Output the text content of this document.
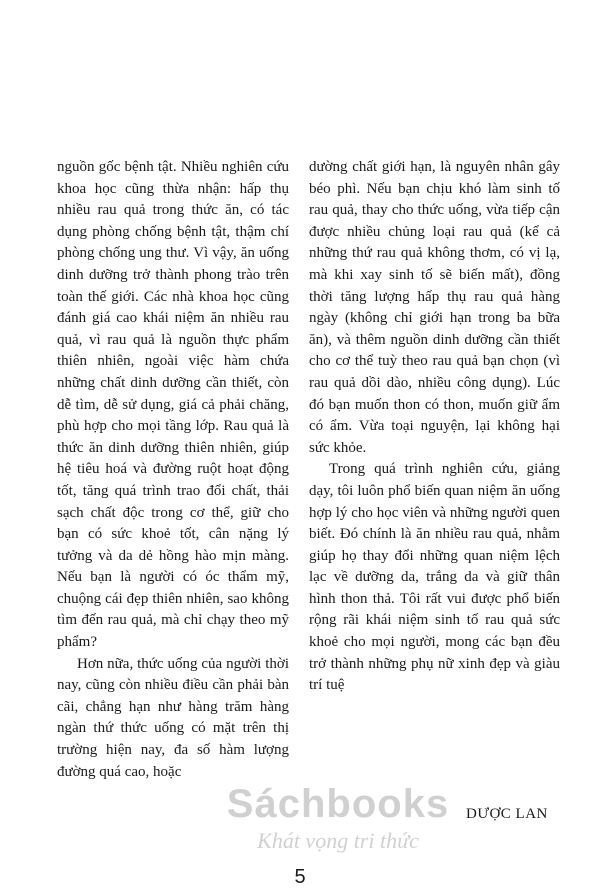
nguồn gốc bệnh tật. Nhiều nghiên cứu khoa học cũng thừa nhận: hấp thụ nhiều rau quả trong thức ăn, có tác dụng phòng chống bệnh tật, thậm chí phòng chống ung thư. Vì vậy, ăn uống dinh dưỡng trở thành phong trào trên toàn thế giới. Các nhà khoa học cũng đánh giá cao khái niệm ăn nhiều rau quả, vì rau quả là nguồn thực phẩm thiên nhiên, ngoài việc hàm chứa những chất dinh dưỡng cần thiết, còn dễ tìm, dễ sử dụng, giá cả phải chăng, phù hợp cho mọi tầng lớp. Rau quả là thức ăn dinh dưỡng thiên nhiên, giúp hệ tiêu hoá và đường ruột hoạt động tốt, tăng quá trình trao đổi chất, thải sạch chất độc trong cơ thể, giữ cho bạn có sức khoẻ tốt, cân nặng lý tưởng và da dẻ hồng hào mịn màng. Nếu bạn là người có óc thẩm mỹ, chuộng cái đẹp thiên nhiên, sao không tìm đến rau quả, mà chỉ chạy theo mỹ phẩm?

Hơn nữa, thức uống của người thời nay, cũng còn nhiều điều cần phải bàn cãi, chẳng hạn như hàng trăm hàng ngàn thứ thức uống có mặt trên thị trường hiện nay, đa số hàm lượng đường quá cao, hoặc

dường chất giới hạn, là nguyên nhân gây béo phì. Nếu bạn chịu khó làm sinh tố rau quả, thay cho thức uống, vừa tiếp cận được nhiều chủng loại rau quả (kể cả những thứ rau quả không thơm, có vị lạ, mà khi xay sinh tố sẽ biến mất), đồng thời tăng lượng hấp thụ rau quả hàng ngày (không chỉ giới hạn trong ba bữa ăn), và thêm nguồn dinh dưỡng cần thiết cho cơ thể tuỳ theo rau quả bạn chọn (vì rau quả dồi dào, nhiều công dụng). Lúc đó bạn muốn thon có thon, muốn giữ ẩm có ẩm. Vừa toại nguyện, lại không hại sức khỏe.

Trong quá trình nghiên cứu, giảng dạy, tôi luôn phổ biến quan niệm ăn uống hợp lý cho học viên và những người quen biết. Đó chính là ăn nhiều rau quả, nhằm giúp họ thay đổi những quan niệm lệch lạc về dưỡng da, trắng da và giữ thân hình thon thả. Tôi rất vui được phổ biến rộng rãi khái niệm sinh tố rau quả sức khoẻ cho mọi người, mong các bạn đều trở thành những phụ nữ xinh đẹp và giàu trí tuệ

DƯỢC LAN
Sáchbooks
Khát vọng tri thức
5
